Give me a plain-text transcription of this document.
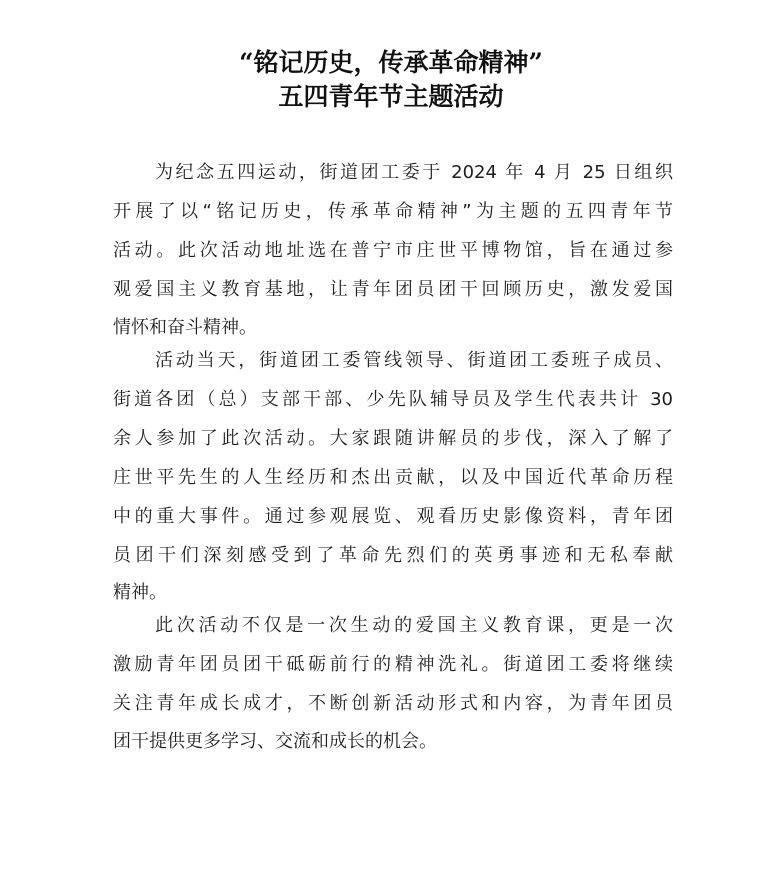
“铭记历史，传承革命精神”
五四青年节主题活动
为纪念五四运动，街道团工委于 2024 年 4 月 25 日组织
开展了以“铭记历史，传承革命精神”为主题的五四青年节
活动。此次活动地址选在普宁市庄世平博物馆，旨在通过参
观爱国主义教育基地，让青年团员团干回顾历史，激发爱国
情怀和奋斗精神。
活动当天，街道团工委管线领导、街道团工委班子成员、
街道各团（总）支部干部、少先队辅导员及学生代表共计 30
余人参加了此次活动。大家跟随讲解员的步伐，深入了解了
庄世平先生的人生经历和杰出贡献，以及中国近代革命历程
中的重大事件。通过参观展览、观看历史影像资料，青年团
员团干们深刻感受到了革命先烈们的英勇事迹和无私奉献
精神。
此次活动不仅是一次生动的爱国主义教育课，更是一次
激励青年团员团干砥砺前行的精神洗礼。街道团工委将继续
关注青年成长成才，不断创新活动形式和内容，为青年团员
团干提供更多学习、交流和成长的机会。
